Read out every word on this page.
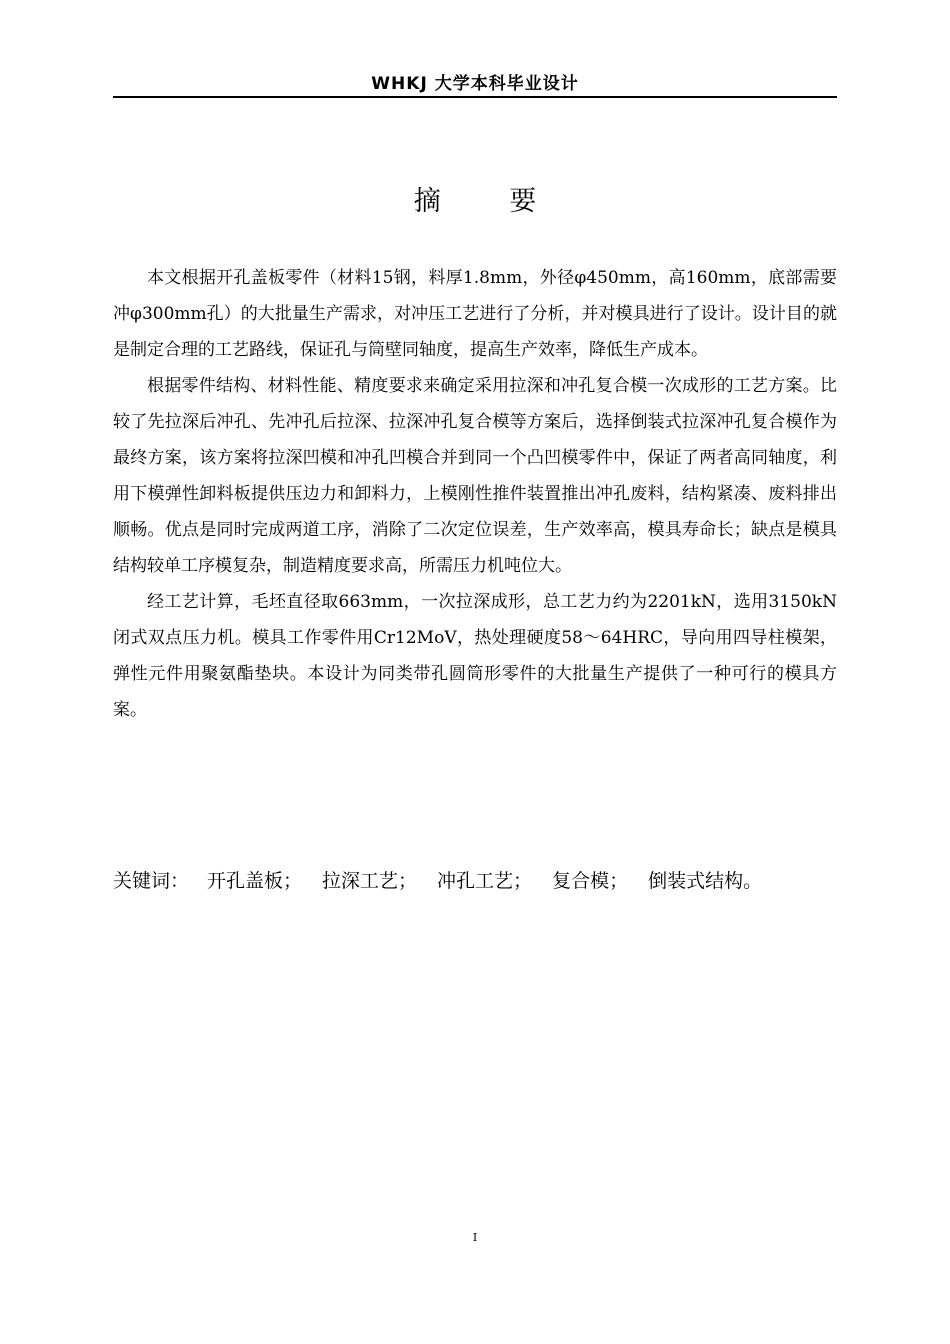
WHKJ 大学本科毕业设计
摘 要

本文根据开孔盖板零件（材料15钢，料厚1.8mm，外径φ450mm，高160mm，底部需要冲φ300mm孔）的大批量生产需求，对冲压工艺进行了分析，并对模具进行了设计。设计目的就是制定合理的工艺路线，保证孔与筒壁同轴度，提高生产效率，降低生产成本。

根据零件结构、材料性能、精度要求来确定采用拉深和冲孔复合模一次成形的工艺方案。比较了先拉深后冲孔、先冲孔后拉深、拉深冲孔复合模等方案后，选择倒装式拉深冲孔复合模作为最终方案，该方案将拉深凹模和冲孔凹模合并到同一个凸凹模零件中，保证了两者高同轴度，利用下模弹性卸料板提供压边力和卸料力，上模刚性推件装置推出冲孔废料，结构紧凑、废料排出顺畅。优点是同时完成两道工序，消除了二次定位误差，生产效率高，模具寿命长；缺点是模具结构较单工序模复杂，制造精度要求高，所需压力机吨位大。

经工艺计算，毛坯直径取663mm，一次拉深成形，总工艺力约为2201kN，选用3150kN闭式双点压力机。模具工作零件用Cr12MoV，热处理硬度58～64HRC，导向用四导柱模架，弹性元件用聚氨酯垫块。本设计为同类带孔圆筒形零件的大批量生产提供了一种可行的模具方案。

关键词： 开孔盖板； 拉深工艺； 冲孔工艺； 复合模； 倒装式结构。
I
